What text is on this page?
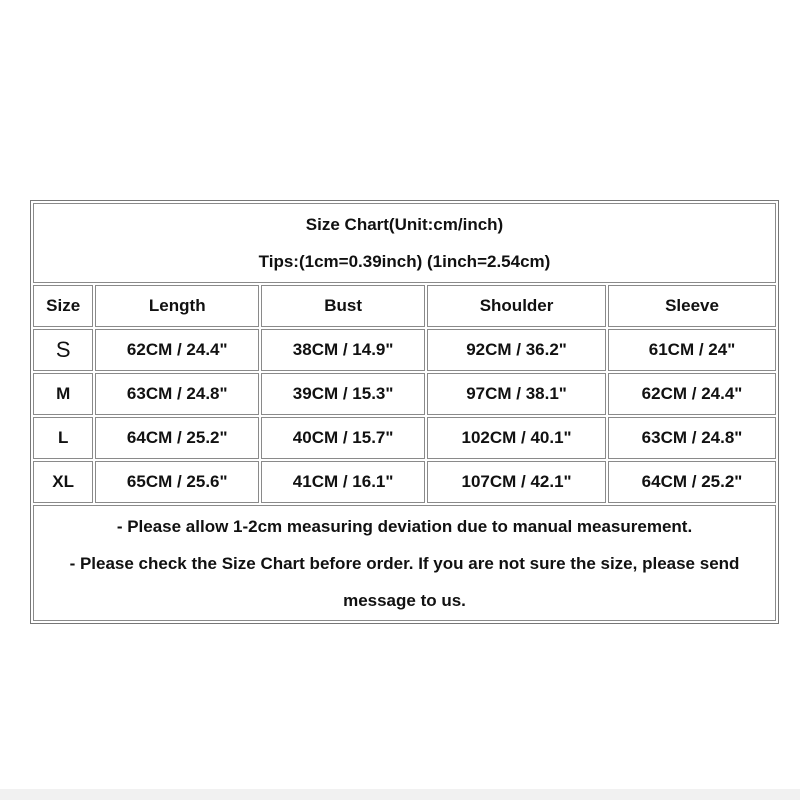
Size Chart(Unit:cm/inch)
Tips:(1cm=0.39inch) (1inch=2.54cm)				

Size	Length	Bust	Shoulder	Sleeve
S	62CM / 24.4"	38CM / 14.9"	92CM / 36.2"	61CM / 24"
M	63CM / 24.8"	39CM / 15.3"	97CM / 38.1"	62CM / 24.4"
L	64CM / 25.2"	40CM / 15.7"	102CM / 40.1"	63CM / 24.8"
XL	65CM / 25.6"	41CM / 16.1"	107CM / 42.1"	64CM / 25.2"

- Please allow 1-2cm measuring deviation due to manual measurement.
- Please check the Size Chart before order. If you are not sure the size, please send
message to us.				
